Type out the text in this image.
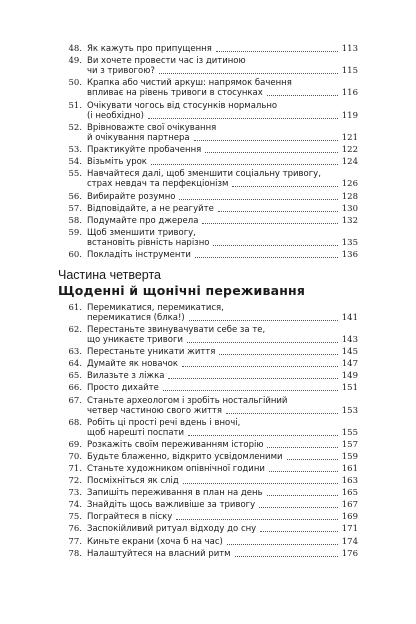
48. Як кажуть про припущення	113
49. Ви хочете провести час із дитиною
чи з тривогою?	115
50. Крапка або чистий аркуш: напрямок бачення
впливає на рівень тривоги в стосунках	116
51. Очікувати чогось від стосунків нормально
(і необхідно)	119
52. Врівноважте свої очікування
й очікування партнера	121
53. Практикуйте пробачення	122
54. Візьміть урок	124
55. Навчайтеся далі, щоб зменшити соціальну тривогу,
страх невдач та перфекціонізм	126
56. Вибирайте розумно	128
57. Відповідайте, а не реагуйте	130
58. Подумайте про джерела	132
59. Щоб зменшити тривогу,
встановіть рівність нарізно	135
60. Покладіть інструменти	136
Частина четверта
Щоденні й щонічні переживання
61. Перемикатися, перемикатися,
перемикатися (блка!)	141
62. Перестаньте звинувачувати себе за те,
що уникаєте тривоги	143
63. Перестаньте уникати життя	145
64. Думайте як новачок	147
65. Вилазьте з ліжка	149
66. Просто дихайте	151
67. Станьте археологом і зробіть ностальгійний
четвер частиною свого життя	153
68. Робіть ці прості речі вдень і вночі,
щоб нарешті поспати	155
69. Розкажіть своїм переживанням історію	157
70. Будьте блаженно, відкрито усвідомленими	159
71. Станьте художником опівнічної години	161
72. Посміхніться як слід	163
73. Запишіть переживання в план на день	165
74. Знайдіть щось важливіше за тривогу	167
75. Пограйтеся в піску	169
76. Заспокійливий ритуал відходу до сну	171
77. Киньте екрани (хоча б на час)	174
78. Налаштуйтеся на власний ритм	176
